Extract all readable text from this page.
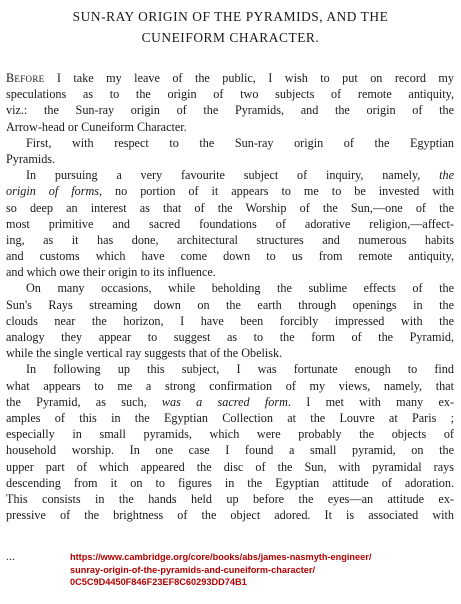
SUN-RAY ORIGIN OF THE PYRAMIDS, AND THE
CUNEIFORM CHARACTER.
Before I take my leave of the public, I wish to put on record my
speculations as to the origin of two subjects of remote antiquity,
viz.: the Sun-ray origin of the Pyramids, and the origin of the
Arrow-head or Cuneiform Character.
First, with respect to the Sun-ray origin of the Egyptian
Pyramids.
In pursuing a very favourite subject of inquiry, namely, the
origin of forms, no portion of it appears to me to be invested with
so deep an interest as that of the Worship of the Sun,—one of the
most primitive and sacred foundations of adorative religion,—affect-
ing, as it has done, architectural structures and numerous habits
and customs which have come down to us from remote antiquity,
and which owe their origin to its influence.
On many occasions, while beholding the sublime effects of the
Sun's Rays streaming down on the earth through openings in the
clouds near the horizon, I have been forcibly impressed with the
analogy they appear to suggest as to the form of the Pyramid,
while the single vertical ray suggests that of the Obelisk.
In following up this subject, I was fortunate enough to find
what appears to me a strong confirmation of my views, namely, that
the Pyramid, as such, was a sacred form. I met with many ex-
amples of this in the Egyptian Collection at the Louvre at Paris ;
especially in small pyramids, which were probably the objects of
household worship. In one case I found a small pyramid, on the
upper part of which appeared the disc of the Sun, with pyramidal rays
descending from it on to figures in the Egyptian attitude of adoration.
This consists in the hands held up before the eyes—an attitude ex-
pressive of the brightness of the object adored. It is associated with
...	https://www.cambridge.org/core/books/abs/james-nasmyth-engineer/
sunray-origin-of-the-pyramids-and-cuneiform-character/
0C5C9D4450F846F23EF8C60293DD74B1
